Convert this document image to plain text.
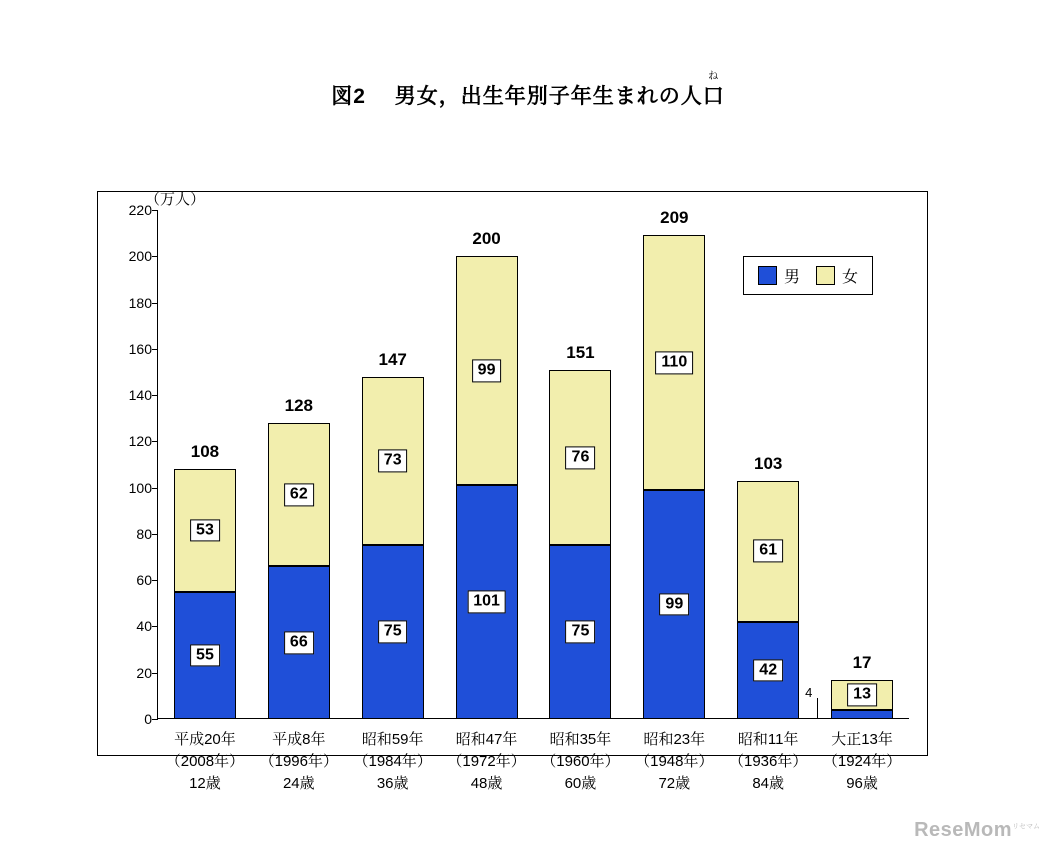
図2 男女，出生年別子年生まれの人
ね
口
（万人）
0
20
40
60
80
100
120
140
160
180
200
220
55
53
108
平成20年
（2008年）
12歳
66
62
128
平成8年
（1996年）
24歳
75
73
147
昭和59年
（1984年）
36歳
101
99
200
昭和47年
（1972年）
48歳
75
76
151
昭和35年
（1960年）
60歳
99
110
209
昭和23年
（1948年）
72歳
42
61
103
昭和11年
（1936年）
84歳
4	13
17
大正13年
（1924年）
96歳
男	女
ReseMom$^{リセマム}$
